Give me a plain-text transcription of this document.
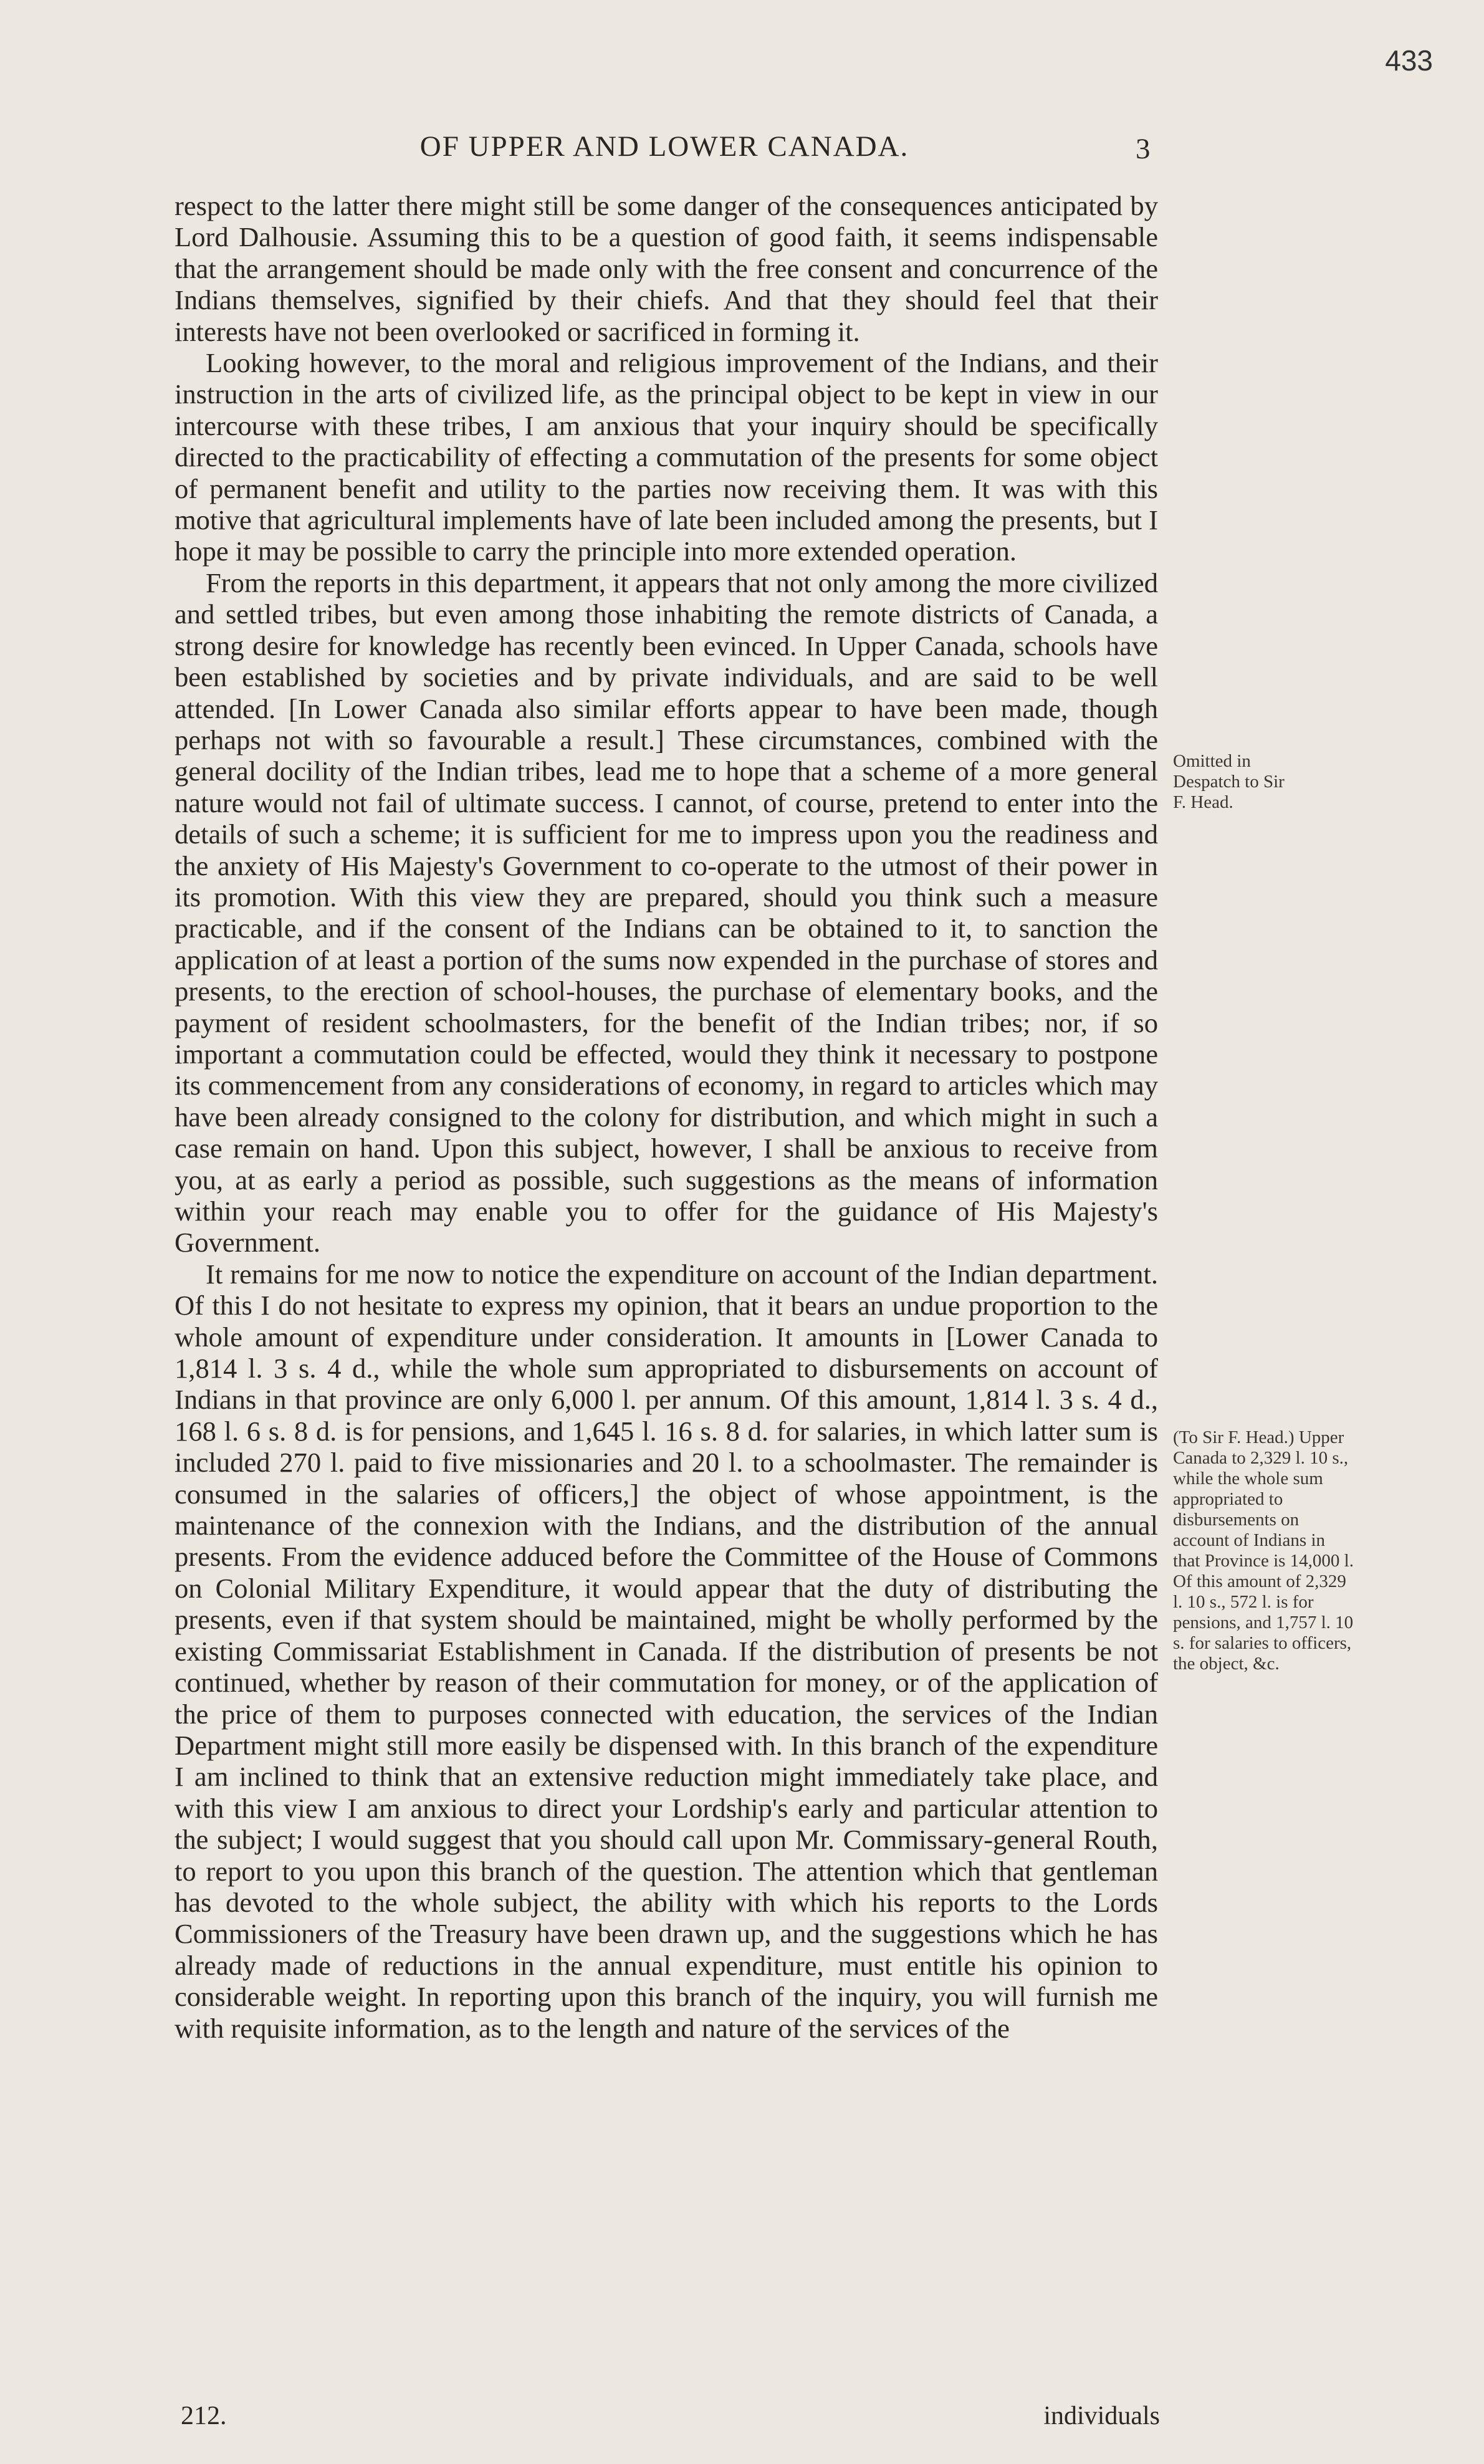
433
OF UPPER AND LOWER CANADA.	3

respect to the latter there might still be some danger of the consequences anticipated by Lord Dalhousie. Assuming this to be a question of good faith, it seems indispensable that the arrangement should be made only with the free consent and concurrence of the Indians themselves, signified by their chiefs. And that they should feel that their interests have not been overlooked or sacrificed in forming it.

Looking however, to the moral and religious improvement of the Indians, and their instruction in the arts of civilized life, as the principal object to be kept in view in our intercourse with these tribes, I am anxious that your inquiry should be specifically directed to the practicability of effecting a commutation of the presents for some object of permanent benefit and utility to the parties now receiving them. It was with this motive that agricultural implements have of late been included among the presents, but I hope it may be possible to carry the principle into more extended operation.

From the reports in this department, it appears that not only among the more civilized and settled tribes, but even among those inhabiting the remote districts of Canada, a strong desire for knowledge has recently been evinced. In Upper Canada, schools have been established by societies and by private individuals, and are said to be well attended. [In Lower Canada also similar efforts appear to have been made, though perhaps not with so favourable a result.] These circumstances, combined with the general docility of the Indian tribes, lead me to hope that a scheme of a more general nature would not fail of ultimate success. I cannot, of course, pretend to enter into the details of such a scheme; it is sufficient for me to impress upon you the readiness and the anxiety of His Majesty's Government to co-operate to the utmost of their power in its promotion. With this view they are prepared, should you think such a measure practicable, and if the consent of the Indians can be obtained to it, to sanction the application of at least a portion of the sums now expended in the purchase of stores and presents, to the erection of school-houses, the purchase of elementary books, and the payment of resident schoolmasters, for the benefit of the Indian tribes; nor, if so important a commutation could be effected, would they think it necessary to postpone its commencement from any considerations of economy, in regard to articles which may have been already consigned to the colony for distribution, and which might in such a case remain on hand. Upon this subject, however, I shall be anxious to receive from you, at as early a period as possible, such suggestions as the means of information within your reach may enable you to offer for the guidance of His Majesty's Government.

It remains for me now to notice the expenditure on account of the Indian department. Of this I do not hesitate to express my opinion, that it bears an undue proportion to the whole amount of expenditure under consideration. It amounts in [Lower Canada to 1,814 l. 3 s. 4 d., while the whole sum appropriated to disbursements on account of Indians in that province are only 6,000 l. per annum. Of this amount, 1,814 l. 3 s. 4 d., 168 l. 6 s. 8 d. is for pensions, and 1,645 l. 16 s. 8 d. for salaries, in which latter sum is included 270 l. paid to five missionaries and 20 l. to a schoolmaster. The remainder is consumed in the salaries of officers,] the object of whose appointment, is the maintenance of the connexion with the Indians, and the distribution of the annual presents. From the evidence adduced before the Committee of the House of Commons on Colonial Military Expenditure, it would appear that the duty of distributing the presents, even if that system should be maintained, might be wholly performed by the existing Commissariat Establishment in Canada. If the distribution of presents be not continued, whether by reason of their commutation for money, or of the application of the price of them to purposes connected with education, the services of the Indian Department might still more easily be dispensed with. In this branch of the expenditure I am inclined to think that an extensive reduction might immediately take place, and with this view I am anxious to direct your Lordship's early and particular attention to the subject; I would suggest that you should call upon Mr. Commissary-general Routh, to report to you upon this branch of the question. The attention which that gentleman has devoted to the whole subject, the ability with which his reports to the Lords Commissioners of the Treasury have been drawn up, and the suggestions which he has already made of reductions in the annual expenditure, must entitle his opinion to considerable weight. In reporting upon this branch of the inquiry, you will furnish me with requisite information, as to the length and nature of the services of the

Omitted in Despatch to Sir F. Head.
(To Sir F. Head.) Upper Canada to 2,329 l. 10 s., while the whole sum appropriated to disbursements on account of Indians in that Province is 14,000 l. Of this amount of 2,329 l. 10 s., 572 l. is for pensions, and 1,757 l. 10 s. for salaries to officers, the object, &c.
212.	individuals
